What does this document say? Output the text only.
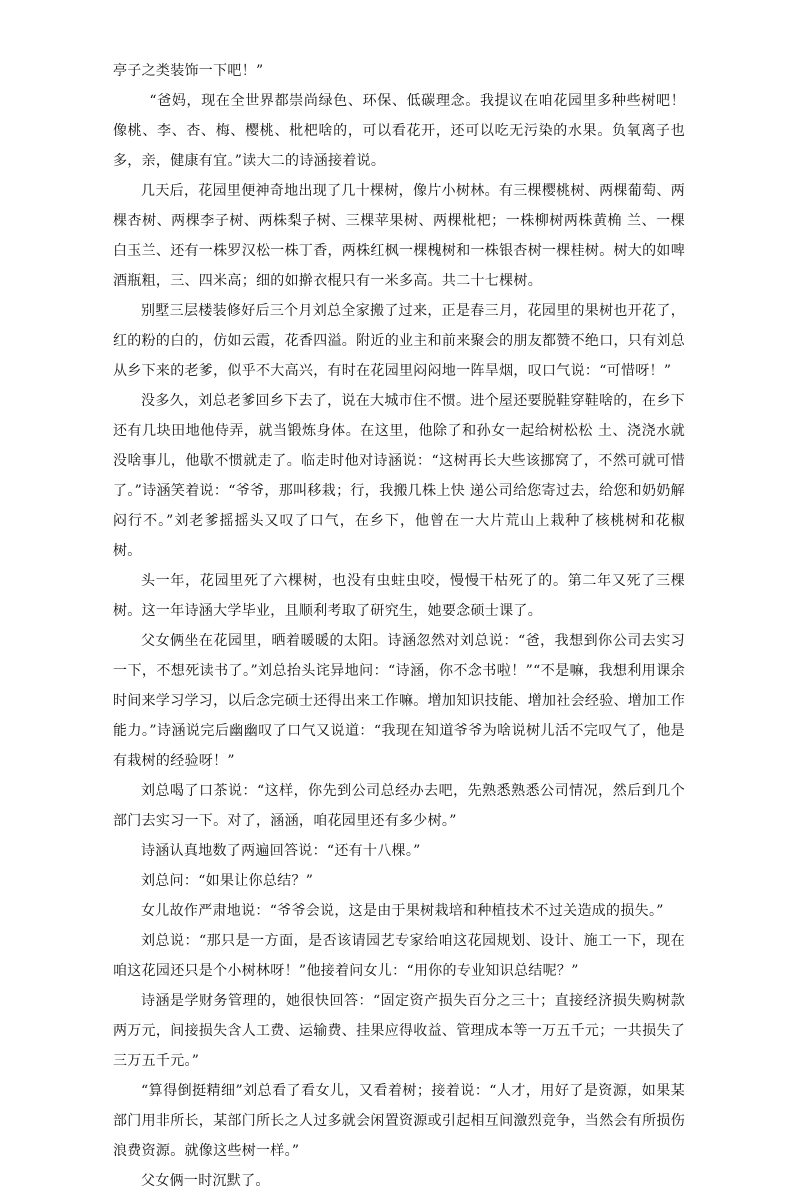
亭子之类装饰一下吧！”

“爸妈，现在全世界都崇尚绿色、环保、低碳理念。我提议在咱花园里多种些树吧！像桃、李、杏、梅、樱桃、枇杷啥的，可以看花开，还可以吃无污染的水果。负氧离子也多，亲，健康有宜。”读大二的诗涵接着说。

几天后，花园里便神奇地出现了几十棵树，像片小树林。有三棵樱桃树、两棵葡萄、两棵杏树、两棵李子树、两株梨子树、三棵苹果树、两棵枇杷；一株柳树两株黄桷 兰、一棵白玉兰、还有一株罗汉松一株丁香，两株红枫一棵槐树和一株银杏树一棵桂树。树大的如啤酒瓶粗，三、四米高；细的如擀衣棍只有一米多高。共二十七棵树。

别墅三层楼装修好后三个月刘总全家搬了过来，正是春三月，花园里的果树也开花了，红的粉的白的，仿如云霞，花香四溢。附近的业主和前来聚会的朋友都赞不绝口，只有刘总从乡下来的老爹，似乎不大高兴，有时在花园里闷闷地一阵旱烟，叹口气说：“可惜呀！”

没多久，刘总老爹回乡下去了，说在大城市住不惯。进个屋还要脱鞋穿鞋啥的，在乡下还有几块田地他侍弄，就当锻炼身体。在这里，他除了和孙女一起给树松松 土、浇浇水就没啥事儿，他歇不惯就走了。临走时他对诗涵说：“这树再长大些该挪窝了，不然可就可惜了。”诗涵笑着说：“爷爷，那叫移栽；行，我搬几株上快 递公司给您寄过去，给您和奶奶解闷行不。”刘老爹摇摇头又叹了口气，在乡下，他曾在一大片荒山上栽种了核桃树和花椒树。

头一年，花园里死了六棵树，也没有虫蛀虫咬，慢慢干枯死了的。第二年又死了三棵树。这一年诗涵大学毕业，且顺利考取了研究生，她要念硕士课了。

父女俩坐在花园里，晒着暖暖的太阳。诗涵忽然对刘总说：“爸，我想到你公司去实习一下，不想死读书了。”刘总抬头诧异地问：“诗涵，你不念书啦！”“不是嘛，我想利用课余时间来学习学习，以后念完硕士还得出来工作嘛。增加知识技能、增加社会经验、增加工作能力。”诗涵说完后幽幽叹了口气又说道：“我现在知道爷爷为啥说树儿活不完叹气了，他是有栽树的经验呀！”

刘总喝了口茶说：“这样，你先到公司总经办去吧，先熟悉熟悉公司情况，然后到几个部门去实习一下。对了，涵涵，咱花园里还有多少树。”

诗涵认真地数了两遍回答说：“还有十八棵。”

刘总问：“如果让你总结？”

女儿故作严肃地说：“爷爷会说，这是由于果树栽培和种植技术不过关造成的损失。”

刘总说：“那只是一方面，是否该请园艺专家给咱这花园规划、设计、施工一下，现在咱这花园还只是个小树林呀！”他接着问女儿：“用你的专业知识总结呢？”

诗涵是学财务管理的，她很快回答：“固定资产损失百分之三十；直接经济损失购树款两万元，间接损失含人工费、运输费、挂果应得收益、管理成本等一万五千元；一共损失了三万五千元。”

“算得倒挺精细”刘总看了看女儿，又看着树；接着说：“人才，用好了是资源，如果某部门用非所长，某部门所长之人过多就会闲置资源或引起相互间激烈竞争，当然会有所损伤浪费资源。就像这些树一样。”

父女俩一时沉默了。
